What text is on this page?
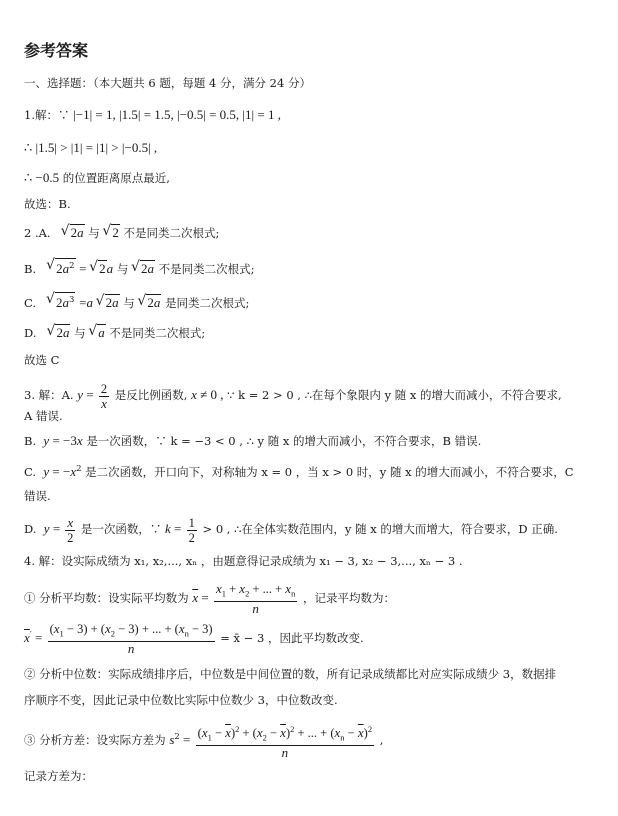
参考答案
一、选择题：（本大题共 6 题，每题 4 分，满分 24 分）
1.解：∵ |−1| = 1, |1.5| = 1.5, |−0.5| = 0.5, |1| = 1 ,
∴ |1.5| > |1| = |1| > |−0.5| ,
∴ −0.5 的位置距离原点最近,
故选：B.
2 .A. √ 2a 与 √ 2 不是同类二次根式;
B. √ $2a^2$ = √ 2a 与 √ 2a 不是同类二次根式;
C. √ $2a^3 =a$ √ 2a 与 √ 2a 是同类二次根式;
D. √ 2a 与 √ a 不是同类二次根式;
故选 C
3. 解：A. $y = \frac{2}{x}$ 是反比例函数, x ≠ 0 , ∵ k = 2 > 0 , ∴在每个象限内 y 随 x 的增大而减小，不符合要求,
A 错误.
B. y = −3x 是一次函数，∵ k = −3 < 0 , ∴ y 随 x 的增大而减小，不符合要求，B 错误.
C. $y = -x^2$ 是二次函数，开口向下，对称轴为 x = 0 ，当 x > 0 时，y 随 x 的增大而减小，不符合要求，C
错误.
D. $y = \frac{x}{2}$ 是一次函数，∵ $k = \frac{1}{2} > 0$ , ∴在全体实数范围内，y 随 x 的增大而增大，符合要求，D 正确.
4. 解：设实际成绩为 x₁, x₂,..., xₙ ，由题意得记录成绩为 x₁ − 3, x₂ − 3,..., xₙ − 3 .
① 分析平均数：设实际平均数为 $\overline{x} = \frac{x_1 + x_2 + ... + x_n}{n}$ ，记录平均数为：
$\overline{x}' = \frac{(x_1 - 3) + (x_2 - 3) + ... + (x_n - 3)}{n}$ = x̄ − 3 ，因此平均数改变.
② 分析中位数：实际成绩排序后，中位数是中间位置的数，所有记录成绩都比对应实际成绩少 3，数据排
序顺序不变，因此记录中位数比实际中位数少 3，中位数改变.
③ 分析方差：设实际方差为 $s^2 = \frac{(x_1 - \overline{x})^2 + (x_2 - \overline{x})^2 + ... + (x_n - \overline{x})^2}{n}$ ,
记录方差为：
